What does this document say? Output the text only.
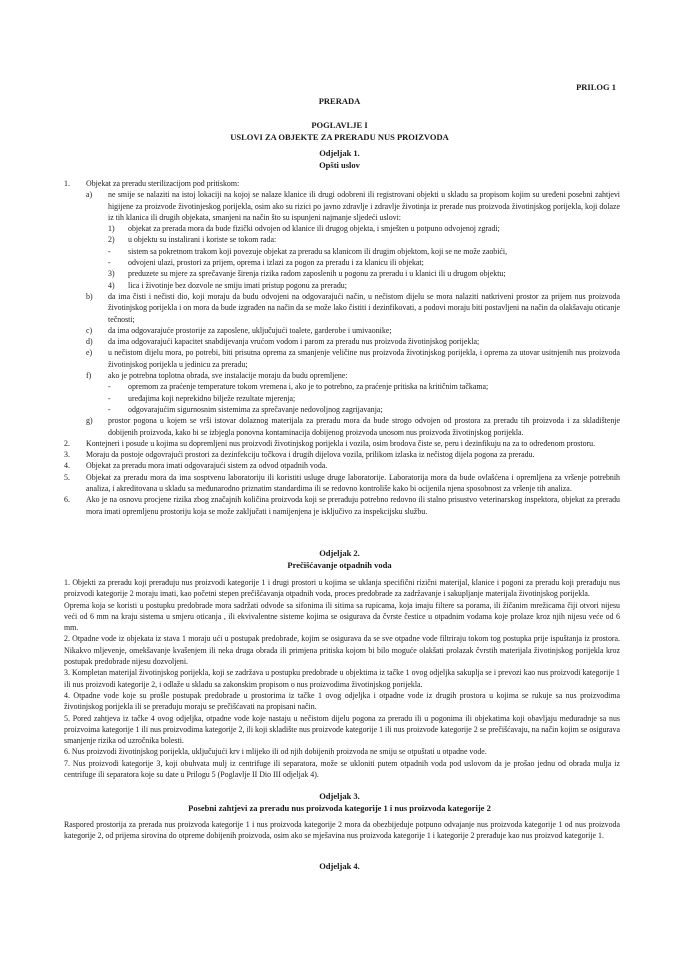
PRILOG 1
PRERADA
POGLAVLJE I
USLOVI ZA OBJEKTE ZA PRERADU NUS PROIZVODA
Odjeljak 1.
Opšti uslov
1.	Objekat za preradu sterilizacijom pod pritiskom:
a)	ne smije se nalaziti na istoj lokaciji na kojoj se nalaze klanice ili drugi odobreni ili registrovani objekti u skladu sa propisom kojim su uređeni posebni zahtjevi higijene za proizvode životinjeskog porijekla, osim ako su rizici po javno zdravlje i zdravlje životinja iz prerade nus proizvoda životinjskog porijekla, koji dolaze iz tih klanica ili drugih objekata, smanjeni na način što su ispunjeni najmanje sljedeći uslovi:
1)	objekat za prerada mora da bude fizički odvojen od klanice ili drugog objekta, i smješten u potpuno odvojenoj zgradi;
2)	u objektu su instalirani i koriste se tokom rada:
-	sistem sa pokretnom trakom koji povezuje objekat za preradu sa klanicom ili drugim objektom, koji se ne može zaobići,
-	odvojeni ulazi, prostori za prijem, oprema i izlazi za pogon za preradu i za klanicu ili objekat;
3)	preduzete su mjere za sprečavanje širenja rizika radom zaposlenih u pogonu za preradu i u klanici ili u drugom objektu;
4)	lica i životinje bez dozvole ne smiju imati pristup pogonu za preradu;
b)	da ima čisti i nečisti dio, koji moraju da budu odvojeni na odgovarajući način, u nečistom dijelu se mora nalaziti natkriveni prostor za prijem nus proizvoda životinjskog porijekla i on mora da bude izgrađen na način da se može lako čistiti i dezinfikovati, a podovi moraju biti postavljeni na način da olakšavaju oticanje tečnosti;
c)	da ima odgovarajuće prostorije za zaposlene, uključujući toalete, garderobe i umivaonike;
d)	da ima odgovarajući kapacitet snabdijevanja vrućom vodom i parom za preradu nus proizvoda životinjskog porijekla;
e)	u nečistom dijelu mora, po potrebi, biti prisutna oprema za smanjenje veličine nus proizvoda životinjskog porijekla, i oprema za utovar usitnjenih nus proizvoda životinjskog porijekla u jedinicu za preradu;
f)	ako je potrebna toplotna obrada, sve instalacije moraju da budu opremljene:
-	opremom za praćenje temperature tokom vremena i, ako je to potrebno, za praćenje pritiska na kritičnim tačkama;
-	uređajima koji neprekidno bilježe rezultate mjerenja;
-	odgovarajućim sigurnosnim sistemima za sprečavanje nedovoljnog zagrijavanja;
g)	prostor pogona u kojem se vrši istovar dolaznog materijala za preradu mora da bude strogo odvojen od prostora za preradu tih proizvoda i za skladištenje dobijenih proizvoda, kako bi se izbjegla ponovna kontaminacija dobijenog proizvoda unosom nus proizvoda životinjskog porijekla.
2.	Kontejneri i posude u kojima su dopremljeni nus proizvodi životinjskog porijekla i vozila, osim brodova čiste se, peru i dezinfikuju na za to određenom prostoru.
3.	Moraju da postoje odgovrajući prostori za dezinfekciju točkova i drugih dijelova vozila, prilikom izlaska iz nečistog dijela pogona za preradu.
4.	Objekat za preradu mora imati odgovarajući sistem za odvod otpadnih voda.
5.	Objekat za preradu mora da ima sosptvenu laboratoriju ili koristiti usluge druge laboratorije. Laboratorija mora da bude ovlašćena i opremljena za vršenje potrebnih analiza, i akreditovana u skladu sa međunarodno priznatim standardima ili se redovno kontroliše kako bi ocijenila njena sposobnost za vršenje tih analiza.
6.	Ako je na osnovu procjene rizika zbog značajnih količina proizvoda koji se prerađuju potrebno redovno ili stalno prisustvo veterinarskog inspektora, objekat za preradu mora imati opremljenu prostoriju koja se može zaključati i namijenjena je isključivo za inspekcijsku službu.
Odjeljak 2.
Prečišćavanje otpadnih voda

1. Objekti za preradu koji prerađuju nus proizvodi kategorije 1 i drugi prostori u kojima se uklanja specifični rizični materijal, klanice i pogoni za preradu koji prerađuju nus proizvodi kategorije 2 moraju imati, kao početni stepen prečišćavanja otpadnih voda, proces predobrade za zadržavanje i sakupljanje materijala životinjskog porijekla.

Oprema koja se koristi u postupku predobrade mora sadržati odvode sa sifonima ili sitima sa rupicama, koja imaju filtere sa porama, ili žičanim mrežicama čiji otvori nijesu veći od 6 mm na kraju sistema u smjeru oticanja , ili ekvivalentne sisteme kojima se osigurava da čvrste čestice u otpadnim vodama koje prolaze kroz njih nijesu veće od 6 mm.

2. Otpadne vode iz objekata iz stava 1 moraju ući u postupak predobrade, kojim se osigurava da se sve otpadne vode filtriraju tokom tog postupka prije ispuštanja iz prostora. Nikakvo mljevenje, omekšavanje kvašenjem ili neka druga obrada ili primjena pritiska kojom bi bilo moguće olakšati prolazak čvrstih materijala životinjskog porijekla kroz postupak predobrade nijesu dozvoljeni.

3. Kompletan materijal životinjskog porijekla, koji se zadržava u postupku predobrade u objektima iz tačke 1 ovog odjeljka sakuplja se i prevozi kao nus proizvodi kategorije 1 ili nus proizvodi kategorije 2, i odlaže u skladu sa zakonskim propisom o nus proizvodima životinjskog porijekla.

4. Otpadne vode koje su prošle postupak predobrade u prostorima iz tačke 1 ovog odjeljka i otpadne vode iz drugih prostora u kojima se rukuje sa nus proizvodima životinjskog porijekla ili se prerađuju moraju se prečišćavati na propisani način.

5. Pored zahtjeva iz tačke 4 ovog odjeljka, otpadne vode koje nastaju u nečistom dijelu pogona za preradu ili u pogonima ili objekatima koji obavljaju međuradnje sa nus proizvoima kategorije 1 ili nus proizvodima kategorije 2, ili koji skladište nus proizvode kategorije 1 ili nus proizvode kategorije 2 se prečišćavaju, na način kojim se osigurava smanjenje rizika od uzročnika bolesti.

6. Nus proizvodi životinjskog porijekla, uključujući krv i mlijeko ili od njih dobijenih proizvoda ne smiju se otpuštati u otpadne vode.

7. Nus proizvodi kategorije 3, koji obuhvata mulj iz centrifuge ili separatora, može se ukloniti putem otpadnih voda pod uslovom da je prošao jednu od obrada mulja iz centrifuge ili separatora koje su date u Prilogu 5 (Poglavlje II Dio III odjeljak 4).

Odjeljak 3.
Posebni zahtjevi za preradu nus proizvoda kategorije 1 i nus proizvoda kategorije 2

Raspored prostorija za prerada nus proizvoda kategorije 1 i nus proizvoda kategorije 2 mora da obezbijeduje potpuno odvajanje nus proizvoda kategorije 1 od nus proizvoda kategorije 2, od prijema sirovina do otpreme dobijenih proizvoda, osim ako se mješavina nus proizvoda kategorije 1 i kategorije 2 prerađuje kao nus proizvod kategorije 1.

Odjeljak 4.
